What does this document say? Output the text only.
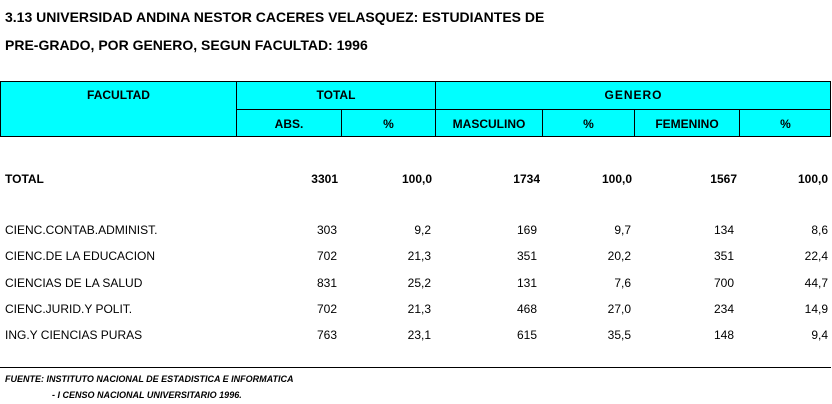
3.13 UNIVERSIDAD ANDINA NESTOR CACERES VELASQUEZ: ESTUDIANTES DE
PRE-GRADO, POR GENERO, SEGUN FACULTAD: 1996
FACULTAD	TOTAL	GENERO
ABS.	%	MASCULINO	%	FEMENINO	%
TOTAL	3301	100,0	1734	100,0	1567	100,0
CIENC.CONTAB.ADMINIST.	303	9,2	169	9,7	134	8,6
CIENC.DE LA EDUCACION	702	21,3	351	20,2	351	22,4
CIENCIAS DE LA SALUD	831	25,2	131	7,6	700	44,7
CIENC.JURID.Y POLIT.	702	21,3	468	27,0	234	14,9
ING.Y CIENCIAS PURAS	763	23,1	615	35,5	148	9,4
FUENTE: INSTITUTO NACIONAL DE ESTADISTICA E INFORMATICA
- I CENSO NACIONAL UNIVERSITARIO 1996.
